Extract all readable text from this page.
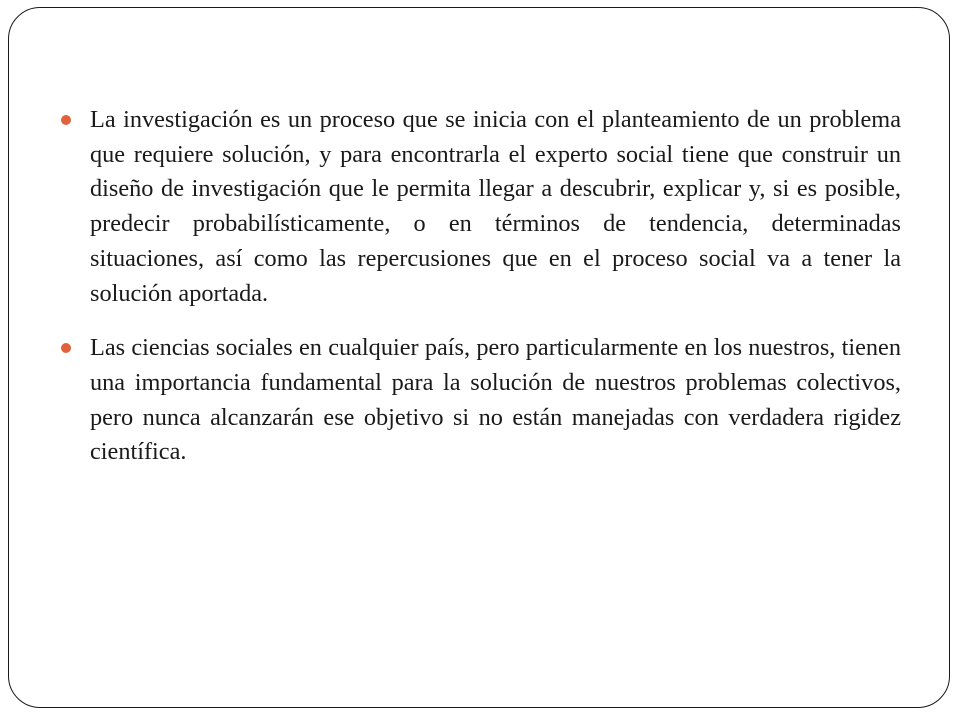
La investigación es un proceso que se inicia con el planteamiento de un problema que requiere solución, y para encontrarla el experto social tiene que construir un diseño de investigación que le permita llegar a descubrir, explicar y, si es posible, predecir probabilísticamente, o en términos de tendencia, determinadas situaciones, así como las repercusiones que en el proceso social va a tener la solución aportada.
Las ciencias sociales en cualquier país, pero particularmente en los nuestros, tienen una importancia fundamental para la solución de nuestros problemas colectivos, pero nunca alcanzarán ese objetivo si no están manejadas con verdadera rigidez científica.
